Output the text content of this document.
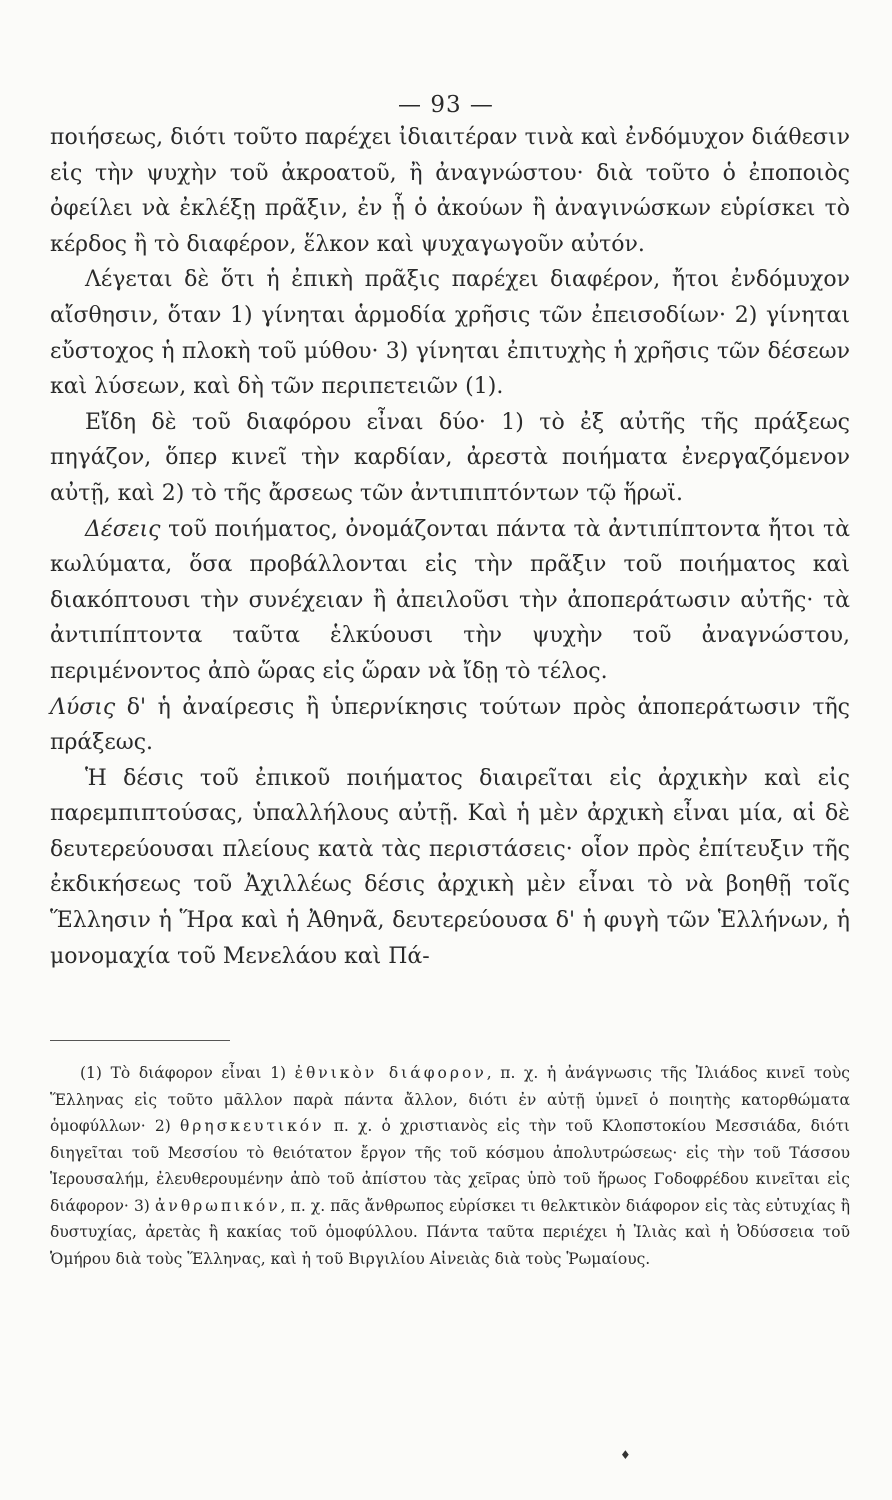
— 93 —

ποιήσεως, διότι τοῦτο παρέχει ἰδιαιτέραν τινὰ καὶ ἐνδόμυχον διάθεσιν εἰς τὴν ψυχὴν τοῦ ἀκροατοῦ, ἢ ἀναγνώστου· διὰ τοῦτο ὁ ἐποποιὸς ὀφείλει νὰ ἐκλέξῃ πρᾶξιν, ἐν ᾗ ὁ ἀκούων ἢ ἀναγινώσκων εὑρίσκει τὸ κέρδος ἢ τὸ διαφέρον, ἕλκον καὶ ψυχαγωγοῦν αὐτόν.

Λέγεται δὲ ὅτι ἡ ἐπικὴ πρᾶξις παρέχει διαφέρον, ἤτοι ἐνδόμυχον αἴσθησιν, ὅταν 1) γίνηται ἁρμοδία χρῆσις τῶν ἐπεισοδίων· 2) γίνηται εὔστοχος ἡ πλοκὴ τοῦ μύθου· 3) γίνηται ἐπιτυχὴς ἡ χρῆσις τῶν δέσεων καὶ λύσεων, καὶ δὴ τῶν περιπετειῶν (1).

Εἴδη δὲ τοῦ διαφόρου εἶναι δύο· 1) τὸ ἐξ αὐτῆς τῆς πράξεως πηγάζον, ὅπερ κινεῖ τὴν καρδίαν, ἀρεστὰ ποιήματα ἐνεργαζόμενον αὐτῇ, καὶ 2) τὸ τῆς ἄρσεως τῶν ἀντιπιπτόντων τῷ ἥρωϊ.

Δέσεις τοῦ ποιήματος, ὀνομάζονται πάντα τὰ ἀντιπίπτοντα ἤτοι τὰ κωλύματα, ὅσα προβάλλονται εἰς τὴν πρᾶξιν τοῦ ποιήματος καὶ διακόπτουσι τὴν συνέχειαν ἢ ἀπειλοῦσι τὴν ἀποπεράτωσιν αὐτῆς· τὰ ἀντιπίπτοντα ταῦτα ἑλκύουσι τὴν ψυχὴν τοῦ ἀναγνώστου, περιμένοντος ἀπὸ ὥρας εἰς ὥραν νὰ ἴδῃ τὸ τέλος.

Λύσις δ' ἡ ἀναίρεσις ἢ ὑπερνίκησις τούτων πρὸς ἀποπεράτωσιν τῆς πράξεως.

Ἡ δέσις τοῦ ἐπικοῦ ποιήματος διαιρεῖται εἰς ἀρχικὴν καὶ εἰς παρεμπιπτούσας, ὑπαλλήλους αὐτῇ. Καὶ ἡ μὲν ἀρχικὴ εἶναι μία, αἱ δὲ δευτερεύουσαι πλείους κατὰ τὰς περιστάσεις· οἷον πρὸς ἐπίτευξιν τῆς ἐκδικήσεως τοῦ Ἀχιλλέως δέσις ἀρχικὴ μὲν εἶναι τὸ νὰ βοηθῇ τοῖς Ἕλλησιν ἡ Ἥρα καὶ ἡ Ἀθηνᾶ, δευτερεύουσα δ' ἡ φυγὴ τῶν Ἑλλήνων, ἡ μονομαχία τοῦ Μενελάου καὶ Πά-

(1) Τὸ διάφορον εἶναι 1) ἐθνικὸν διάφορον, π. χ. ἡ ἀνάγνωσις τῆς Ἰλιάδος κινεῖ τοὺς Ἕλληνας εἰς τοῦτο μᾶλλον παρὰ πάντα ἄλλον, διότι ἐν αὐτῇ ὑμνεῖ ὁ ποιητὴς κατορθώματα ὁμοφύλλων· 2) θρησκευτικόν π. χ. ὁ χριστιανὸς εἰς τὴν τοῦ Κλοπστοκίου Μεσσιάδα, διότι διηγεῖται τοῦ Μεσσίου τὸ θειότατον ἔργον τῆς τοῦ κόσμου ἀπολυτρώσεως· εἰς τὴν τοῦ Τάσσου Ἱερουσαλήμ, ἐλευθερουμένην ἀπὸ τοῦ ἀπίστου τὰς χεῖρας ὑπὸ τοῦ ἥρωος Γοδοφρέδου κινεῖται εἰς διάφορον· 3) ἀνθρωπικόν, π. χ. πᾶς ἄνθρωπος εὑρίσκει τι θελκτικὸν διάφορον εἰς τὰς εὐτυχίας ἢ δυστυχίας, ἀρετὰς ἢ κακίας τοῦ ὁμοφύλλου. Πάντα ταῦτα περιέχει ἡ Ἰλιὰς καὶ ἡ Ὀδύσσεια τοῦ Ὁμήρου διὰ τοὺς Ἕλληνας, καὶ ἡ τοῦ Βιργιλίου Αἰνειὰς διὰ τοὺς Ῥωμαίους.

♦
